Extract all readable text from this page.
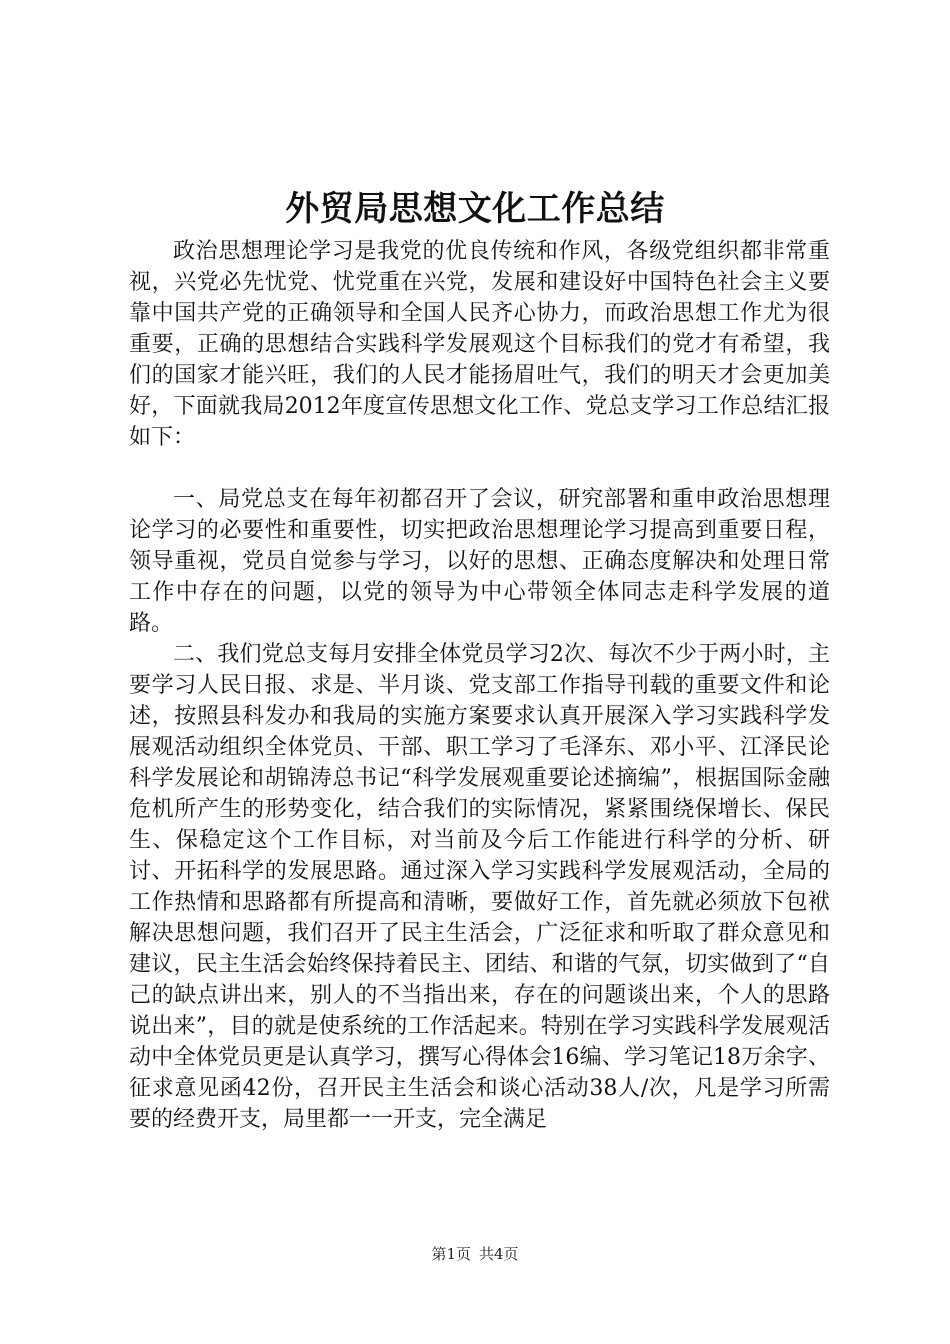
外贸局思想文化工作总结

政治思想理论学习是我党的优良传统和作风，各级党组织都非常重视，兴党必先忧党、忧党重在兴党，发展和建设好中国特色社会主义要靠中国共产党的正确领导和全国人民齐心协力，而政治思想工作尤为很重要，正确的思想结合实践科学发展观这个目标我们的党才有希望，我们的国家才能兴旺，我们的人民才能扬眉吐气，我们的明天才会更加美好，下面就我局2012年度宣传思想文化工作、党总支学习工作总结汇报如下：

一、局党总支在每年初都召开了会议，研究部署和重申政治思想理论学习的必要性和重要性，切实把政治思想理论学习提高到重要日程，领导重视，党员自觉参与学习，以好的思想、正确态度解决和处理日常工作中存在的问题，以党的领导为中心带领全体同志走科学发展的道路。

二、我们党总支每月安排全体党员学习2次、每次不少于两小时，主要学习人民日报、求是、半月谈、党支部工作指导刊载的重要文件和论述，按照县科发办和我局的实施方案要求认真开展深入学习实践科学发展观活动组织全体党员、干部、职工学习了毛泽东、邓小平、江泽民论科学发展论和胡锦涛总书记“科学发展观重要论述摘编”，根据国际金融危机所产生的形势变化，结合我们的实际情况，紧紧围绕保增长、保民生、保稳定这个工作目标，对当前及今后工作能进行科学的分析、研讨、开拓科学的发展思路。通过深入学习实践科学发展观活动，全局的工作热情和思路都有所提高和清晰，要做好工作，首先就必须放下包袱解决思想问题，我们召开了民主生活会，广泛征求和听取了群众意见和建议，民主生活会始终保持着民主、团结、和谐的气氛，切实做到了“自己的缺点讲出来，别人的不当指出来，存在的问题谈出来，个人的思路说出来”，目的就是使系统的工作活起来。特别在学习实践科学发展观活动中全体党员更是认真学习，撰写心得体会16编、学习笔记18万余字、征求意见函42份，召开民主生活会和谈心活动38人/次，凡是学习所需要的经费开支，局里都一一开支，完全满足

第1页 共4页
